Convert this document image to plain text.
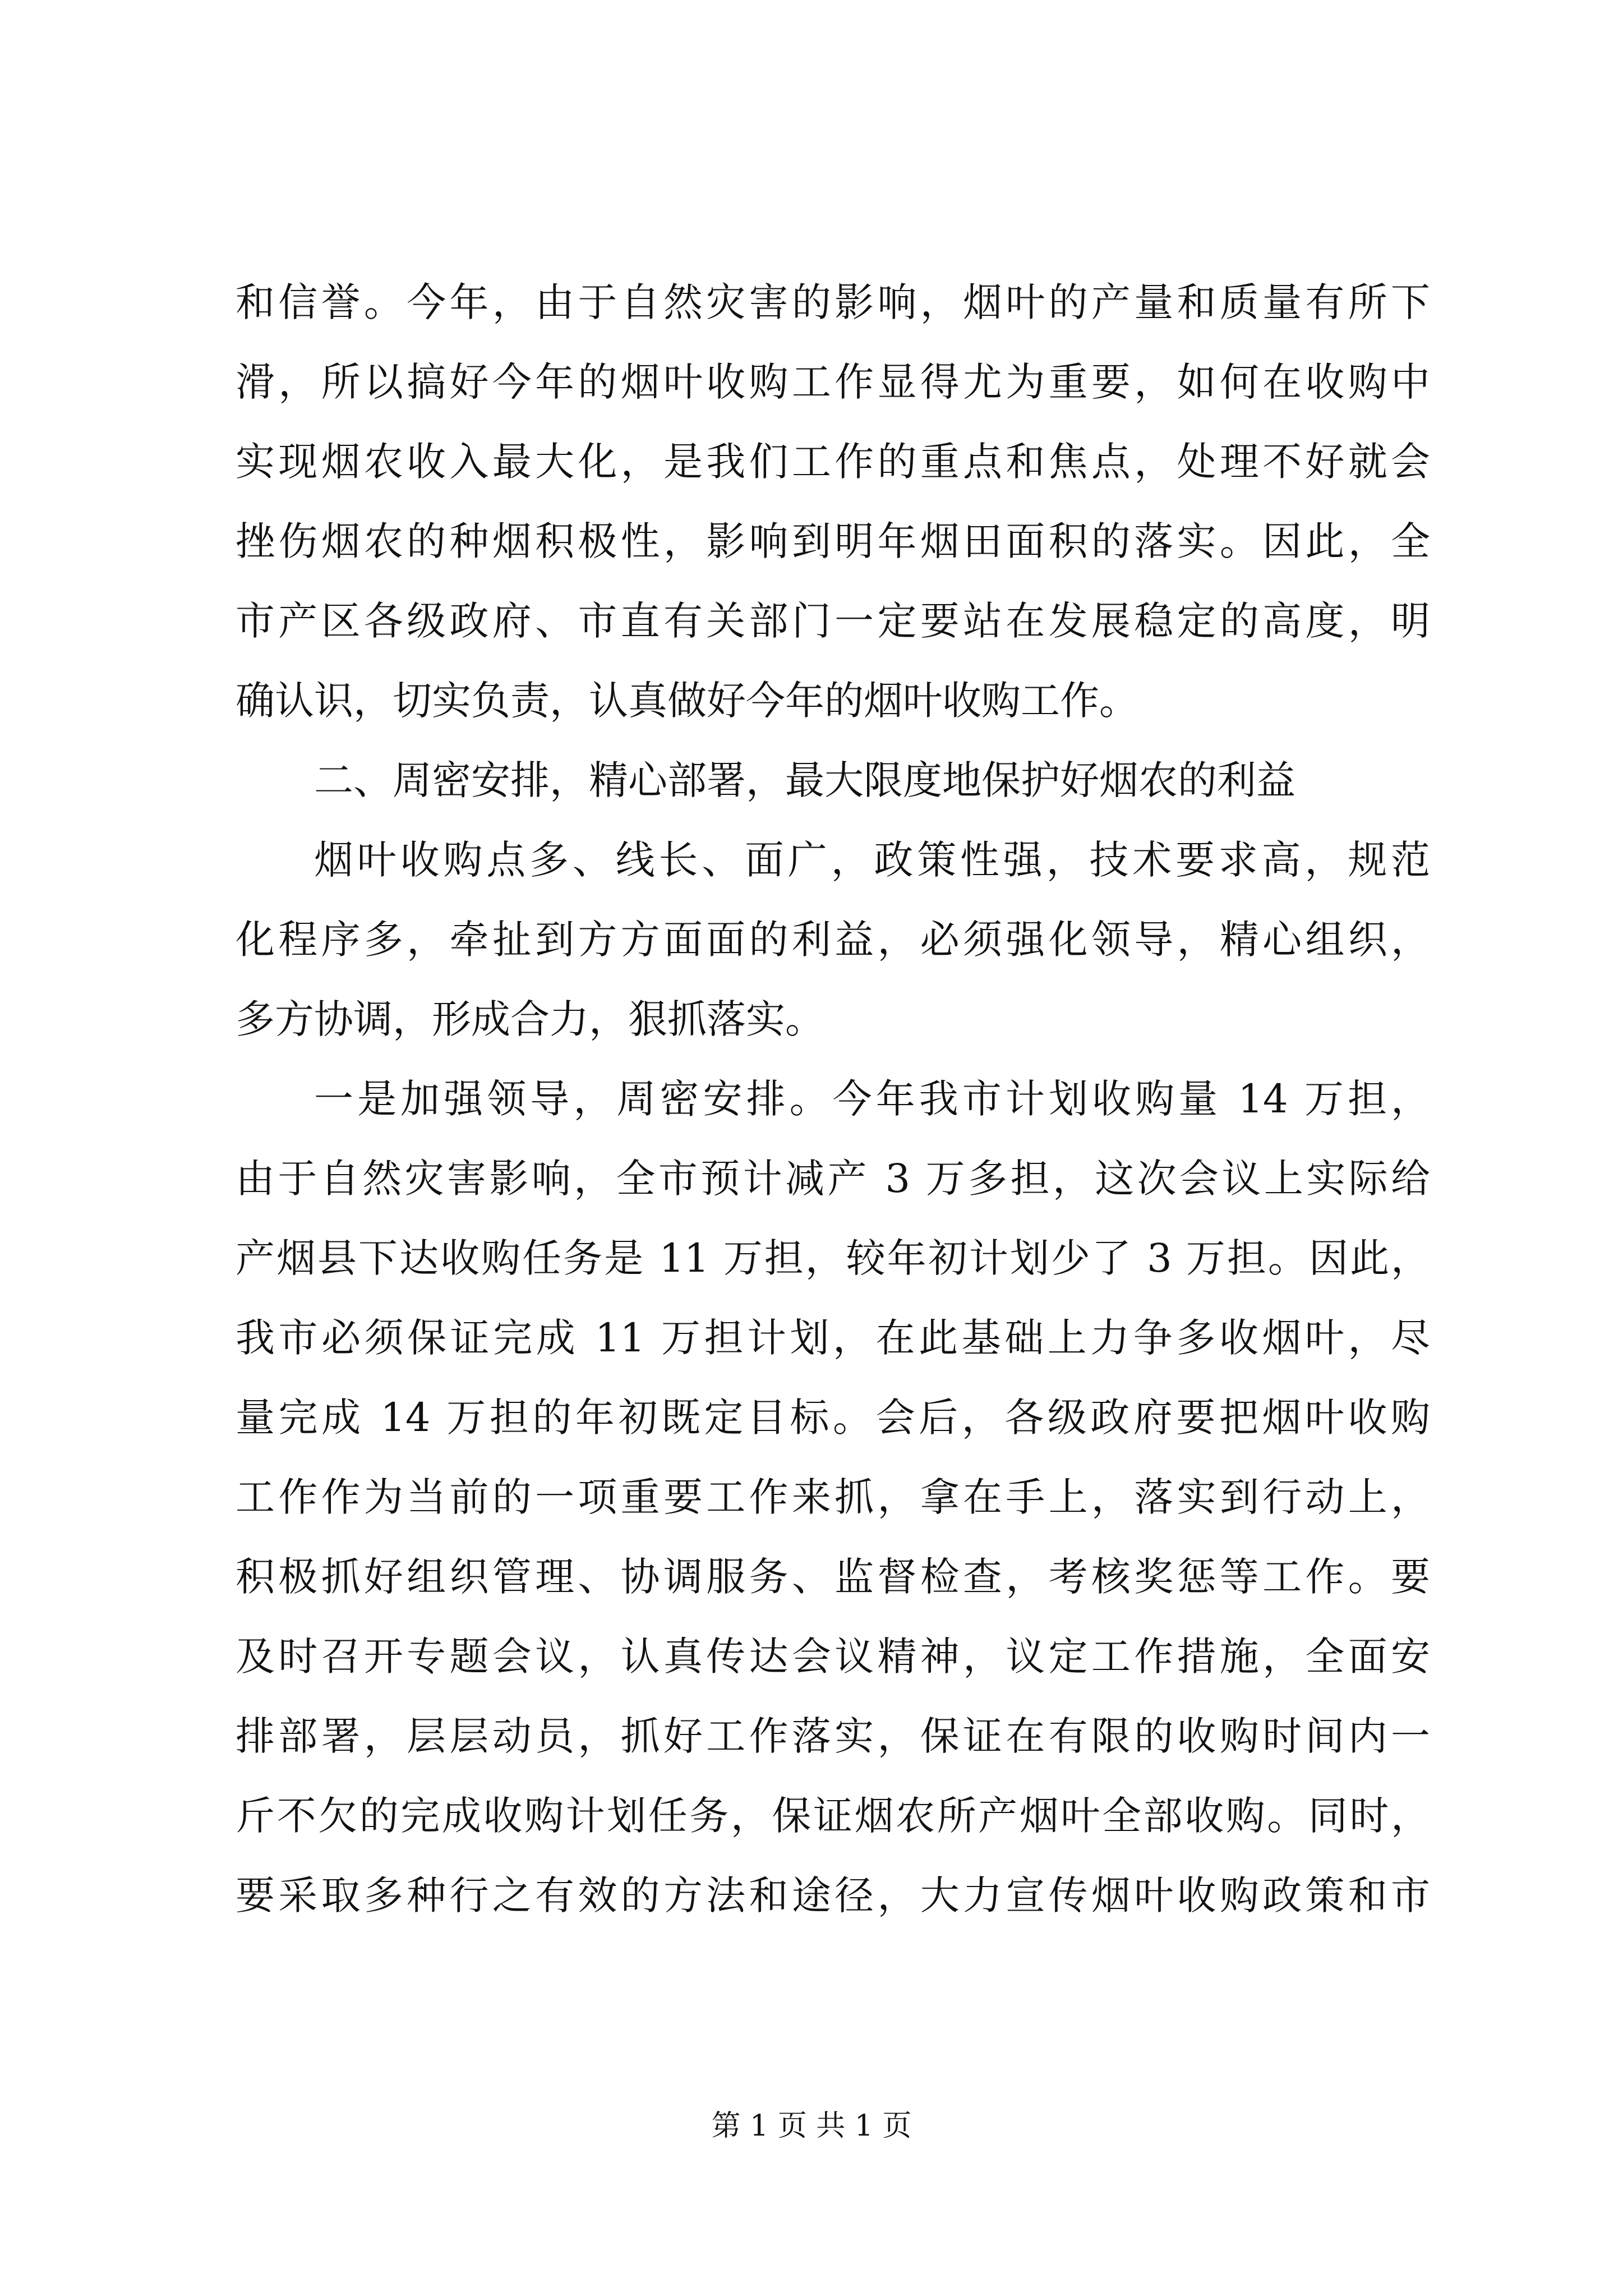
和信誉。今年，由于自然灾害的影响，烟叶的产量和质量有所下
滑，所以搞好今年的烟叶收购工作显得尤为重要，如何在收购中
实现烟农收入最大化，是我们工作的重点和焦点，处理不好就会
挫伤烟农的种烟积极性，影响到明年烟田面积的落实。因此，全
市产区各级政府、市直有关部门一定要站在发展稳定的高度，明
确认识，切实负责，认真做好今年的烟叶收购工作。
二、周密安排，精心部署，最大限度地保护好烟农的利益
烟叶收购点多、线长、面广，政策性强，技术要求高，规范
化程序多，牵扯到方方面面的利益，必须强化领导，精心组织，
多方协调，形成合力，狠抓落实。
一是加强领导，周密安排。今年我市计划收购量 14 万担，
由于自然灾害影响，全市预计减产 3 万多担，这次会议上实际给
产烟县下达收购任务是 11 万担，较年初计划少了 3 万担。因此，
我市必须保证完成 11 万担计划，在此基础上力争多收烟叶，尽
量完成 14 万担的年初既定目标。会后，各级政府要把烟叶收购
工作作为当前的一项重要工作来抓，拿在手上，落实到行动上，
积极抓好组织管理、协调服务、监督检查，考核奖惩等工作。要
及时召开专题会议，认真传达会议精神，议定工作措施，全面安
排部署，层层动员，抓好工作落实，保证在有限的收购时间内一
斤不欠的完成收购计划任务，保证烟农所产烟叶全部收购。同时，
要采取多种行之有效的方法和途径，大力宣传烟叶收购政策和市
第 1 页 共 1 页
